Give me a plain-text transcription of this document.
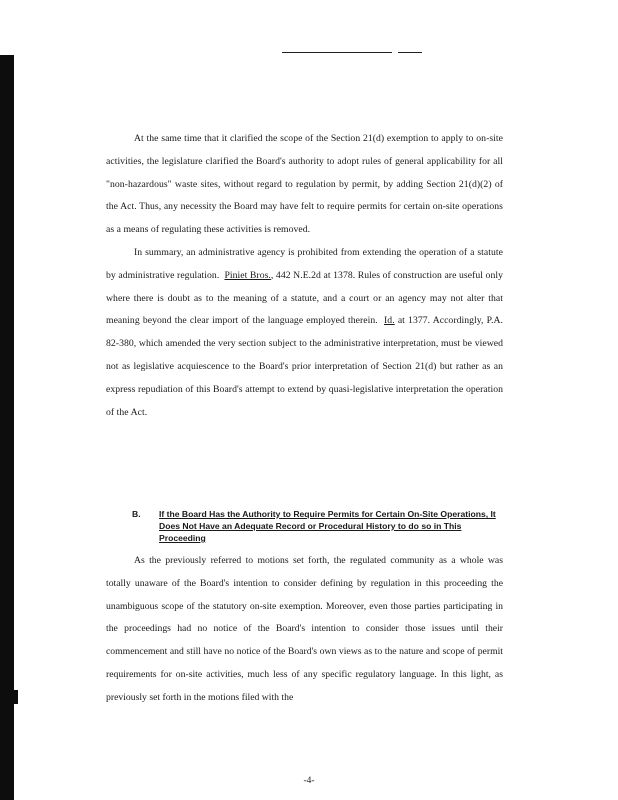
At the same time that it clarified the scope of the Section 21(d) exemption to apply to on-site activities, the legislature clarified the Board's authority to adopt rules of general applicability for all "non-hazardous" waste sites, without regard to regulation by permit, by adding Section 21(d)(2) of the Act. Thus, any necessity the Board may have felt to require permits for certain on-site operations as a means of regulating these activities is removed.

In summary, an administrative agency is prohibited from extending the operation of a statute by administrative regulation. Piniet Bros., 442 N.E.2d at 1378. Rules of construction are useful only where there is doubt as to the meaning of a statute, and a court or an agency may not alter that meaning beyond the clear import of the language employed therein. Id. at 1377. Accordingly, P.A. 82-380, which amended the very section subject to the administrative interpretation, must be viewed not as legislative acquiescence to the Board's prior interpretation of Section 21(d) but rather as an express repudiation of this Board's attempt to extend by quasi-legislative interpretation the operation of the Act.

B. If the Board Has the Authority to Require Permits for Certain On-Site Operations, It Does Not Have an Adequate Record or Procedural History to do so in This Proceeding

As the previously referred to motions set forth, the regulated community as a whole was totally unaware of the Board's intention to consider defining by regulation in this proceeding the unambiguous scope of the statutory on-site exemption. Moreover, even those parties participating in the proceedings had no notice of the Board's intention to consider those issues until their commencement and still have no notice of the Board's own views as to the nature and scope of permit requirements for on-site activities, much less of any specific regulatory language. In this light, as previously set forth in the motions filed with the

-4-
